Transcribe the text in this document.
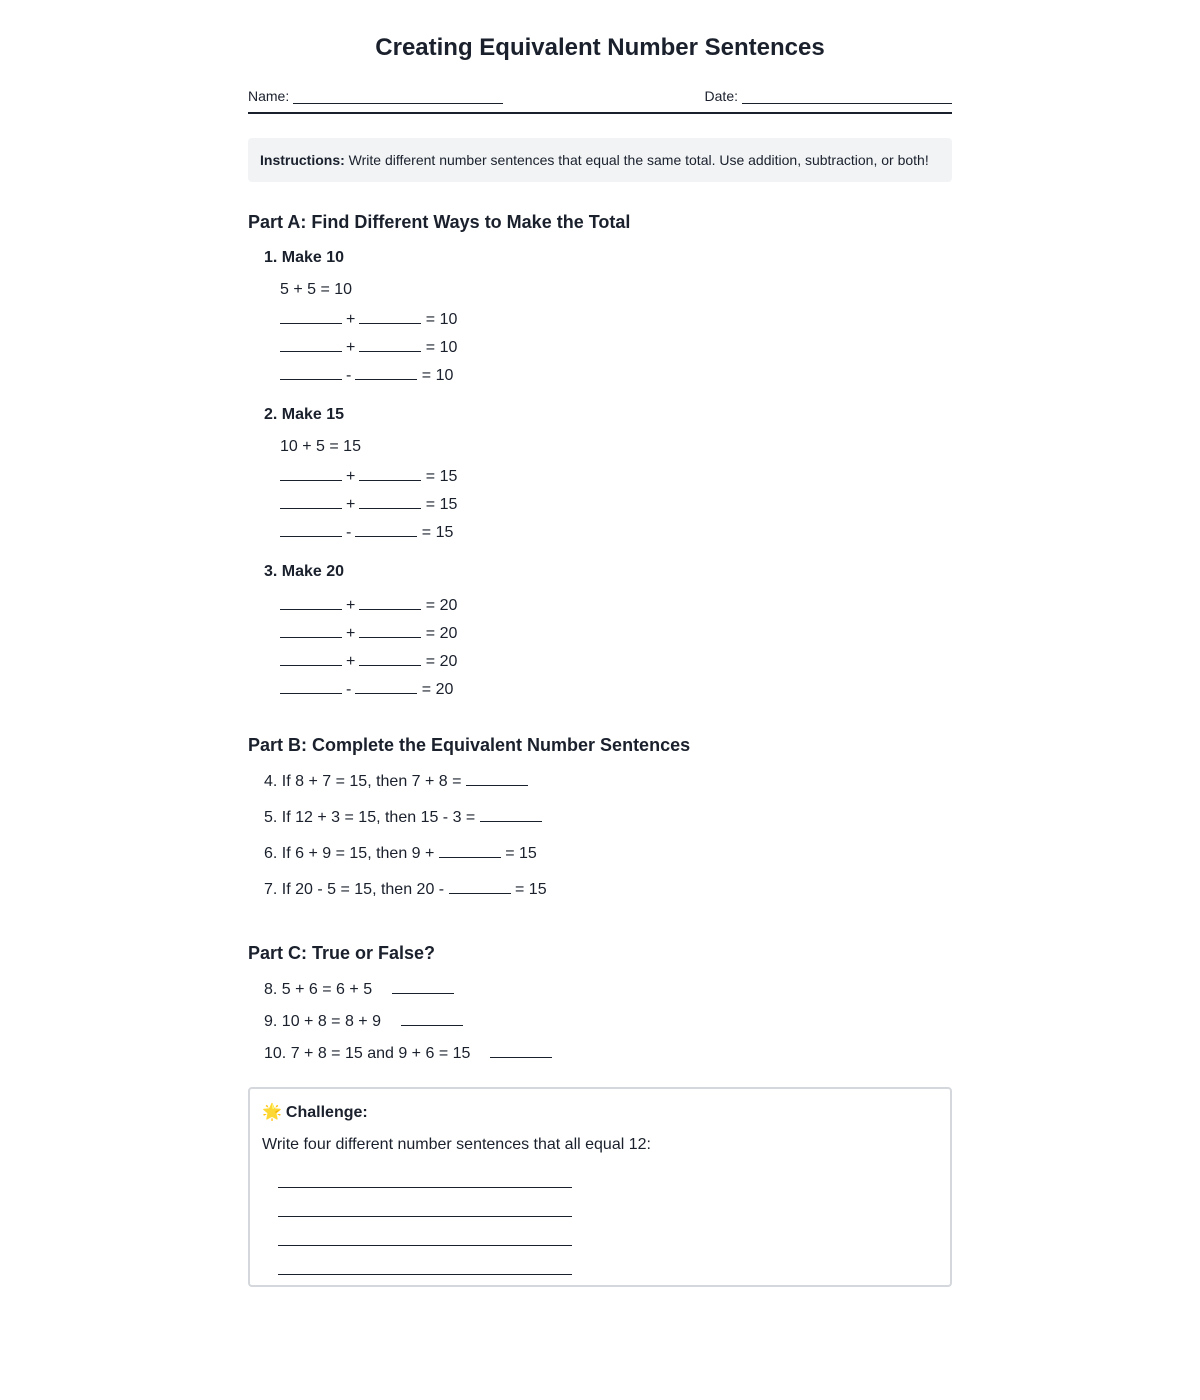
Creating Equivalent Number Sentences
Name:	Date:
Instructions: Write different number sentences that equal the same total. Use addition, subtraction, or both!
Part A: Find Different Ways to Make the Total
1. Make 10
5 + 5 = 10
+	= 10
+	= 10
-	= 10
2. Make 15
10 + 5 = 15
+	= 15
+	= 15
-	= 15
3. Make 20
+	= 20
+	= 20
+	= 20
-	= 20
Part B: Complete the Equivalent Number Sentences
4. If 8 + 7 = 15, then 7 + 8 =
5. If 12 + 3 = 15, then 15 - 3 =
6. If 6 + 9 = 15, then 9 +	= 15
7. If 20 - 5 = 15, then 20 -	= 15
Part C: True or False?
8. 5 + 6 = 6 + 5
9. 10 + 8 = 8 + 9
10. 7 + 8 = 15 and 9 + 6 = 15
🌟 Challenge:
Write four different number sentences that all equal 12:
